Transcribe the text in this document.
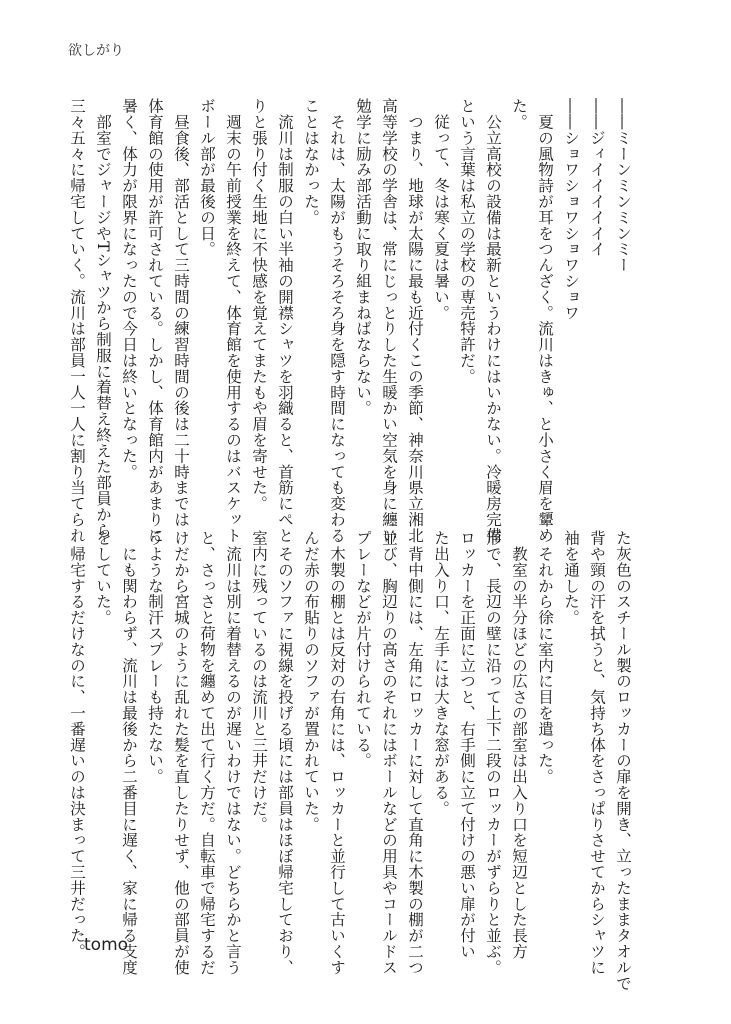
欲しがり
――ミーンミンミンミー
――ジィイイイイイイ
――ショワショワショワショワ
　夏の風物詩が耳をつんざく。流川はきゅ、と小さく眉を顰め
た。
　公立高校の設備は最新というわけにはいかない。冷暖房完備
という言葉は私立の学校の専売特許だ。
　従って、冬は寒く夏は暑い。
　つまり、地球が太陽に最も近付くこの季節、神奈川県立湘北
高等学校の学舎は、常にじっとりした生暖かい空気を身に纏い
勉学に励み部活動に取り組まねばならない。
　それは、太陽がもうそろそろ身を隠す時間になっても変わる
ことはなかった。
　流川は制服の白い半袖の開襟シャツを羽織ると、首筋にぺと
りと張り付く生地に不快感を覚えてまたもや眉を寄せた。
　週末の午前授業を終えて、体育館を使用するのはバスケット
ボール部が最後の日。
　昼食後、部活として三時間の練習時間の後は二十時までは
体育館の使用が許可されている。しかし、体育館内があまりに
暑く、体力が限界になったので今日は終いとなった。
　部室でジャージやTシャツから制服に着替え終えた部員から
三々五々に帰宅していく。流川は部員一人一人に割り当てられ
た灰色のスチール製のロッカーの扉を開き、立ったままタオルで
背や頸の汗を拭うと、気持ち体をさっぱりさせてからシャツに
袖を通した。
　それから徐に室内に目を遣った。
　教室の半分ほどの広さの部室は出入り口を短辺とした長方
形で、長辺の壁に沿って上下二段のロッカーがずらりと並ぶ。
ロッカーを正面に立つと、右手側に立て付けの悪い扉が付い
た出入り口、左手には大きな窓がある。
　背中側には、左角にロッカーに対して直角に木製の棚が二つ
並び、胸辺りの高さのそれにはボールなどの用具やコールドス
プレーなどが片付けられている。
　木製の棚とは反対の右角には、ロッカーと並行して古いくす
んだ赤の布貼りのソファが置かれていた。
　そのソファに視線を投げる頃には部員はほぼ帰宅しており、
室内に残っているのは流川と三井だけだ。
　流川は別に着替えるのが遅いわけではない。どちらかと言う
と、さっさと荷物を纏めて出て行く方だ。自転車で帰宅するだ
けだから宮城のように乱れた髪を直したりせず、他の部員が使
うような制汗スプレーも持たない。
　にも関わらず、流川は最後から二番目に遅く、家に帰る支度
をしていた。
　帰宅するだけなのに、一番遅いのは決まって三井だった。
tomo
